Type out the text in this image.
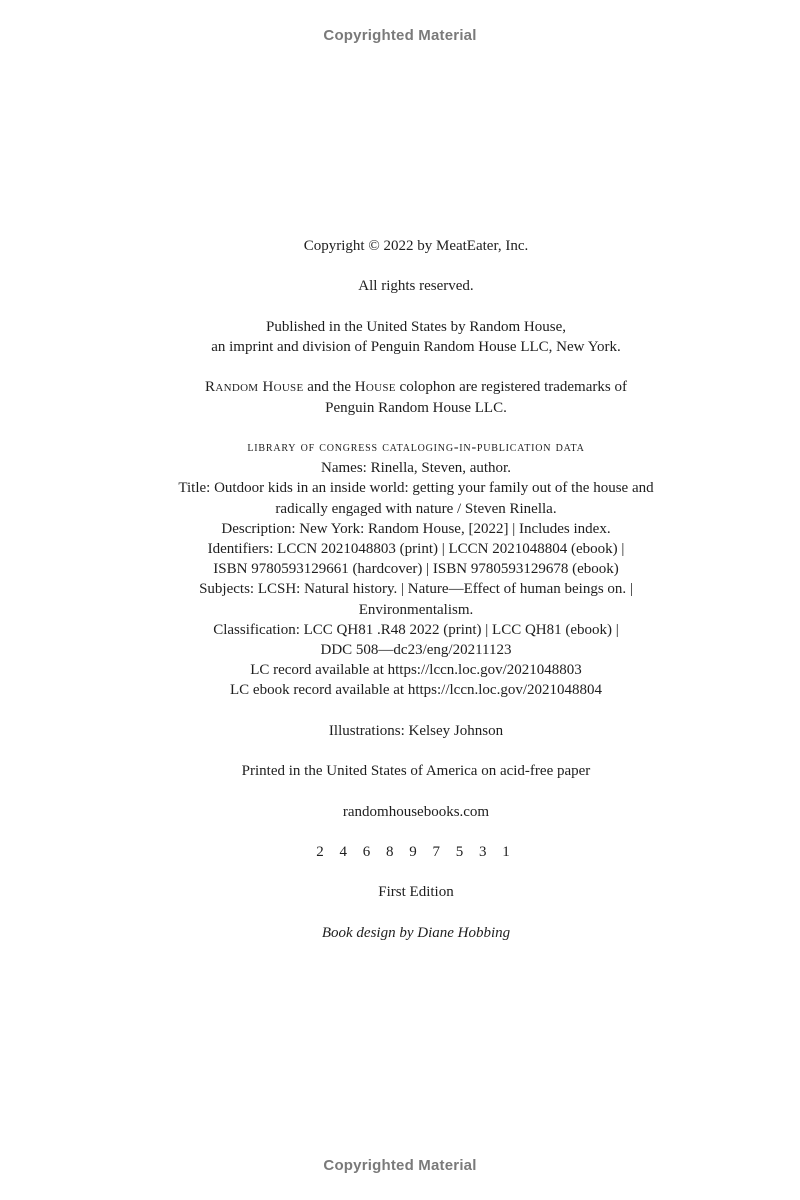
Copyrighted Material

Copyright © 2022 by MeatEater, Inc.

All rights reserved.

Published in the United States by Random House,

an imprint and division of Penguin Random House LLC, New York.

Random House and the House colophon are registered trademarks of

Penguin Random House LLC.

library of congress cataloging-in-publication data

Names: Rinella, Steven, author.

Title: Outdoor kids in an inside world: getting your family out of the house and

radically engaged with nature / Steven Rinella.

Description: New York: Random House, [2022] | Includes index.

Identifiers: LCCN 2021048803 (print) | LCCN 2021048804 (ebook) |

ISBN 9780593129661 (hardcover) | ISBN 9780593129678 (ebook)

Subjects: LCSH: Natural history. | Nature—Effect of human beings on. |

Environmentalism.

Classification: LCC QH81 .R48 2022 (print) | LCC QH81 (ebook) |

DDC 508—dc23/eng/20211123

LC record available at https://lccn.loc.gov/2021048803

LC ebook record available at https://lccn.loc.gov/2021048804

Illustrations: Kelsey Johnson

Printed in the United States of America on acid-free paper

randomhousebooks.com

2 4 6 8 9 7 5 3 1

First Edition

Book design by Diane Hobbing

Copyrighted Material
